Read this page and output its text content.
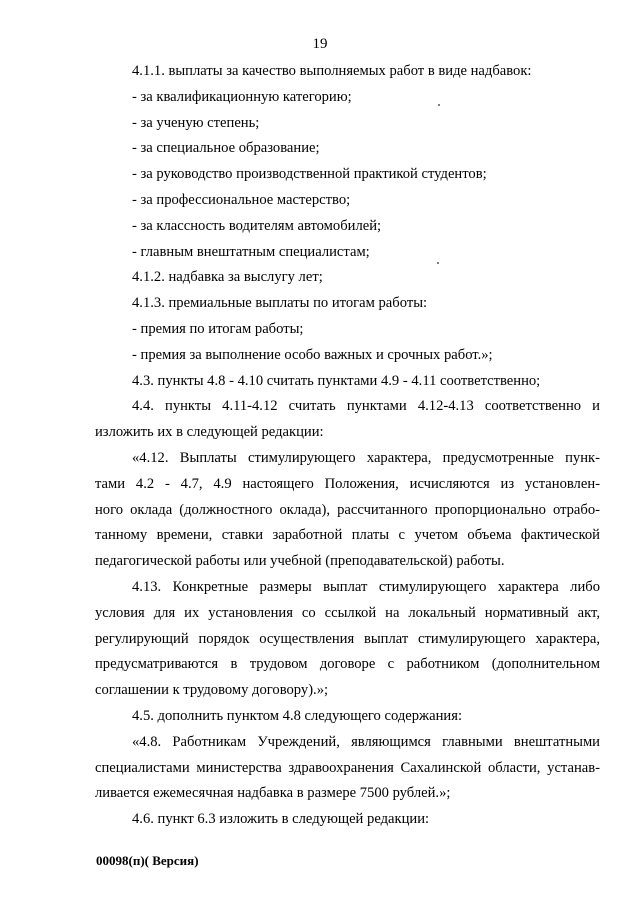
19
4.1.1. выплаты за качество выполняемых работ в виде надбавок:
- за квалификационную категорию;
- за ученую степень;
- за специальное образование;
- за руководство производственной практикой студентов;
- за профессиональное мастерство;
- за классность водителям автомобилей;
- главным внештатным специалистам;
4.1.2. надбавка за выслугу лет;
4.1.3. премиальные выплаты по итогам работы:
- премия по итогам работы;
- премия за выполнение особо важных и срочных работ.»;
4.3. пункты 4.8 - 4.10 считать пунктами 4.9 - 4.11 соответственно;
4.4. пункты 4.11-4.12 считать пунктами 4.12-4.13 соответственно и
изложить их в следующей редакции:
«4.12. Выплаты стимулирующего характера, предусмотренные пунк-
тами 4.2 - 4.7, 4.9 настоящего Положения, исчисляются из установлен-
ного оклада (должностного оклада), рассчитанного пропорционально отрабо-
танному времени, ставки заработной платы с учетом объема фактической
педагогической работы или учебной (преподавательской) работы.
4.13. Конкретные размеры выплат стимулирующего характера либо
условия для их установления со ссылкой на локальный нормативный акт,
регулирующий порядок осуществления выплат стимулирующего характера,
предусматриваются в трудовом договоре с работником (дополнительном
соглашении к трудовому договору).»;
4.5. дополнить пунктом 4.8 следующего содержания:
«4.8. Работникам Учреждений, являющимся главными внештатными
специалистами министерства здравоохранения Сахалинской области, устанав-
ливается ежемесячная надбавка в размере 7500 рублей.»;
4.6. пункт 6.3 изложить в следующей редакции:
00098(п)( Версия)
